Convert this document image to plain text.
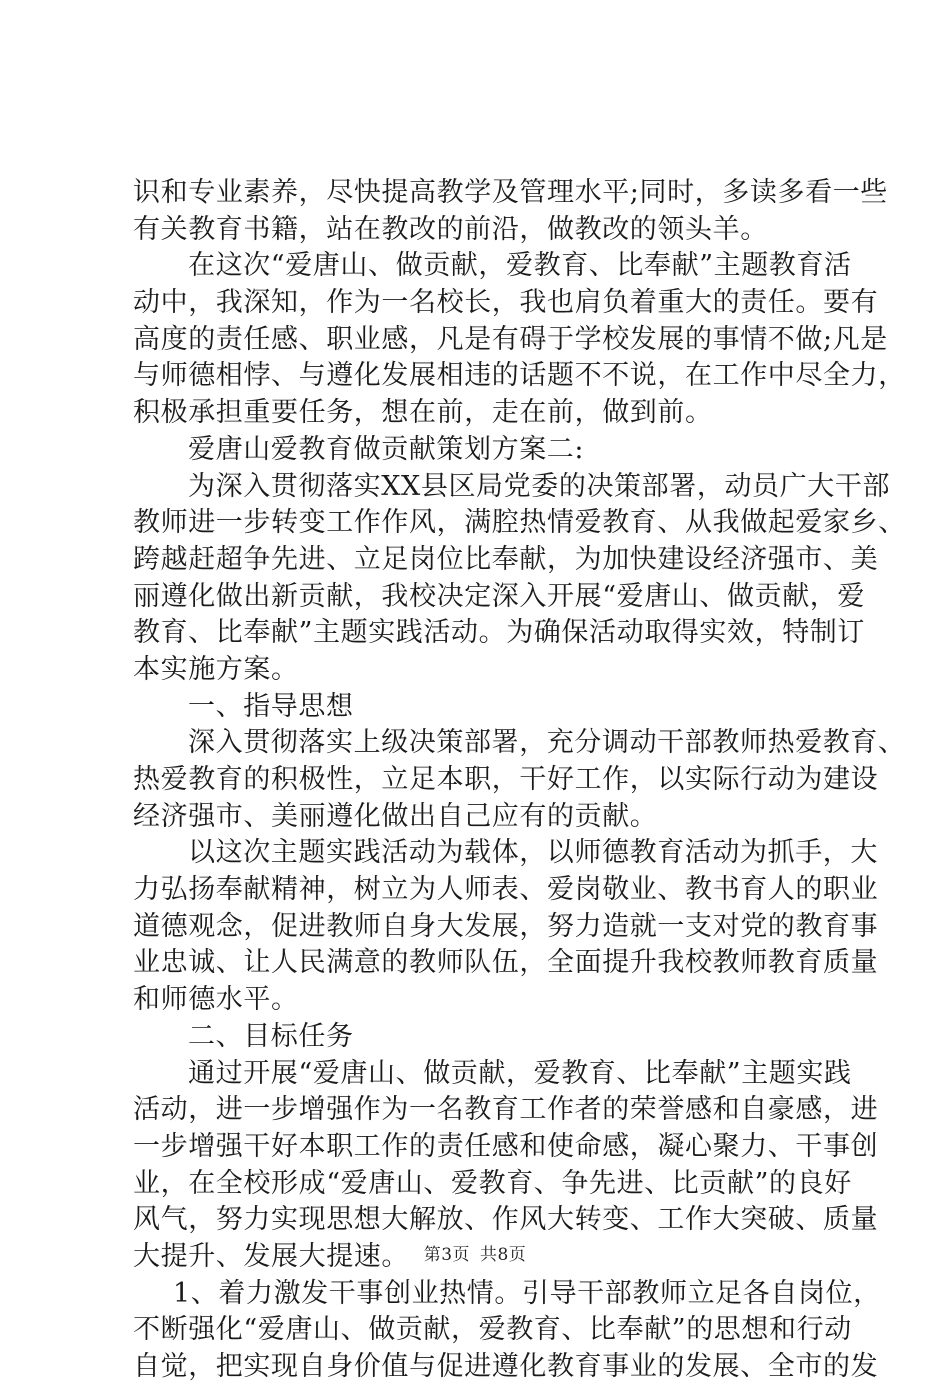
识和专业素养，尽快提高教学及管理水平;同时，多读多看一些
有关教育书籍，站在教改的前沿，做教改的领头羊。
在这次“爱唐山、做贡献，爱教育、比奉献”主题教育活
动中，我深知，作为一名校长，我也肩负着重大的责任。要有
高度的责任感、职业感，凡是有碍于学校发展的事情不做;凡是
与师德相悖、与遵化发展相违的话题不不说，在工作中尽全力，
积极承担重要任务，想在前，走在前，做到前。
爱唐山爱教育做贡献策划方案二:
为深入贯彻落实XX县区局党委的决策部署，动员广大干部
教师进一步转变工作作风，满腔热情爱教育、从我做起爱家乡、
跨越赶超争先进、立足岗位比奉献，为加快建设经济强市、美
丽遵化做出新贡献，我校决定深入开展“爱唐山、做贡献，爱
教育、比奉献”主题实践活动。为确保活动取得实效，特制订
本实施方案。
一、指导思想
深入贯彻落实上级决策部署，充分调动干部教师热爱教育、
热爱教育的积极性，立足本职，干好工作，以实际行动为建设
经济强市、美丽遵化做出自己应有的贡献。
以这次主题实践活动为载体，以师德教育活动为抓手，大
力弘扬奉献精神，树立为人师表、爱岗敬业、教书育人的职业
道德观念，促进教师自身大发展，努力造就一支对党的教育事
业忠诚、让人民满意的教师队伍，全面提升我校教师教育质量
和师德水平。
二、目标任务
通过开展“爱唐山、做贡献，爱教育、比奉献”主题实践
活动，进一步增强作为一名教育工作者的荣誉感和自豪感，进
一步增强干好本职工作的责任感和使命感，凝心聚力、干事创
业，在全校形成“爱唐山、爱教育、争先进、比贡献”的良好
风气，努力实现思想大解放、作风大转变、工作大突破、质量
大提升、发展大提速。
1、着力激发干事创业热情。引导干部教师立足各自岗位，
不断强化“爱唐山、做贡献，爱教育、比奉献”的思想和行动
自觉，把实现自身价值与促进遵化教育事业的发展、全市的发
第3页 共8页
